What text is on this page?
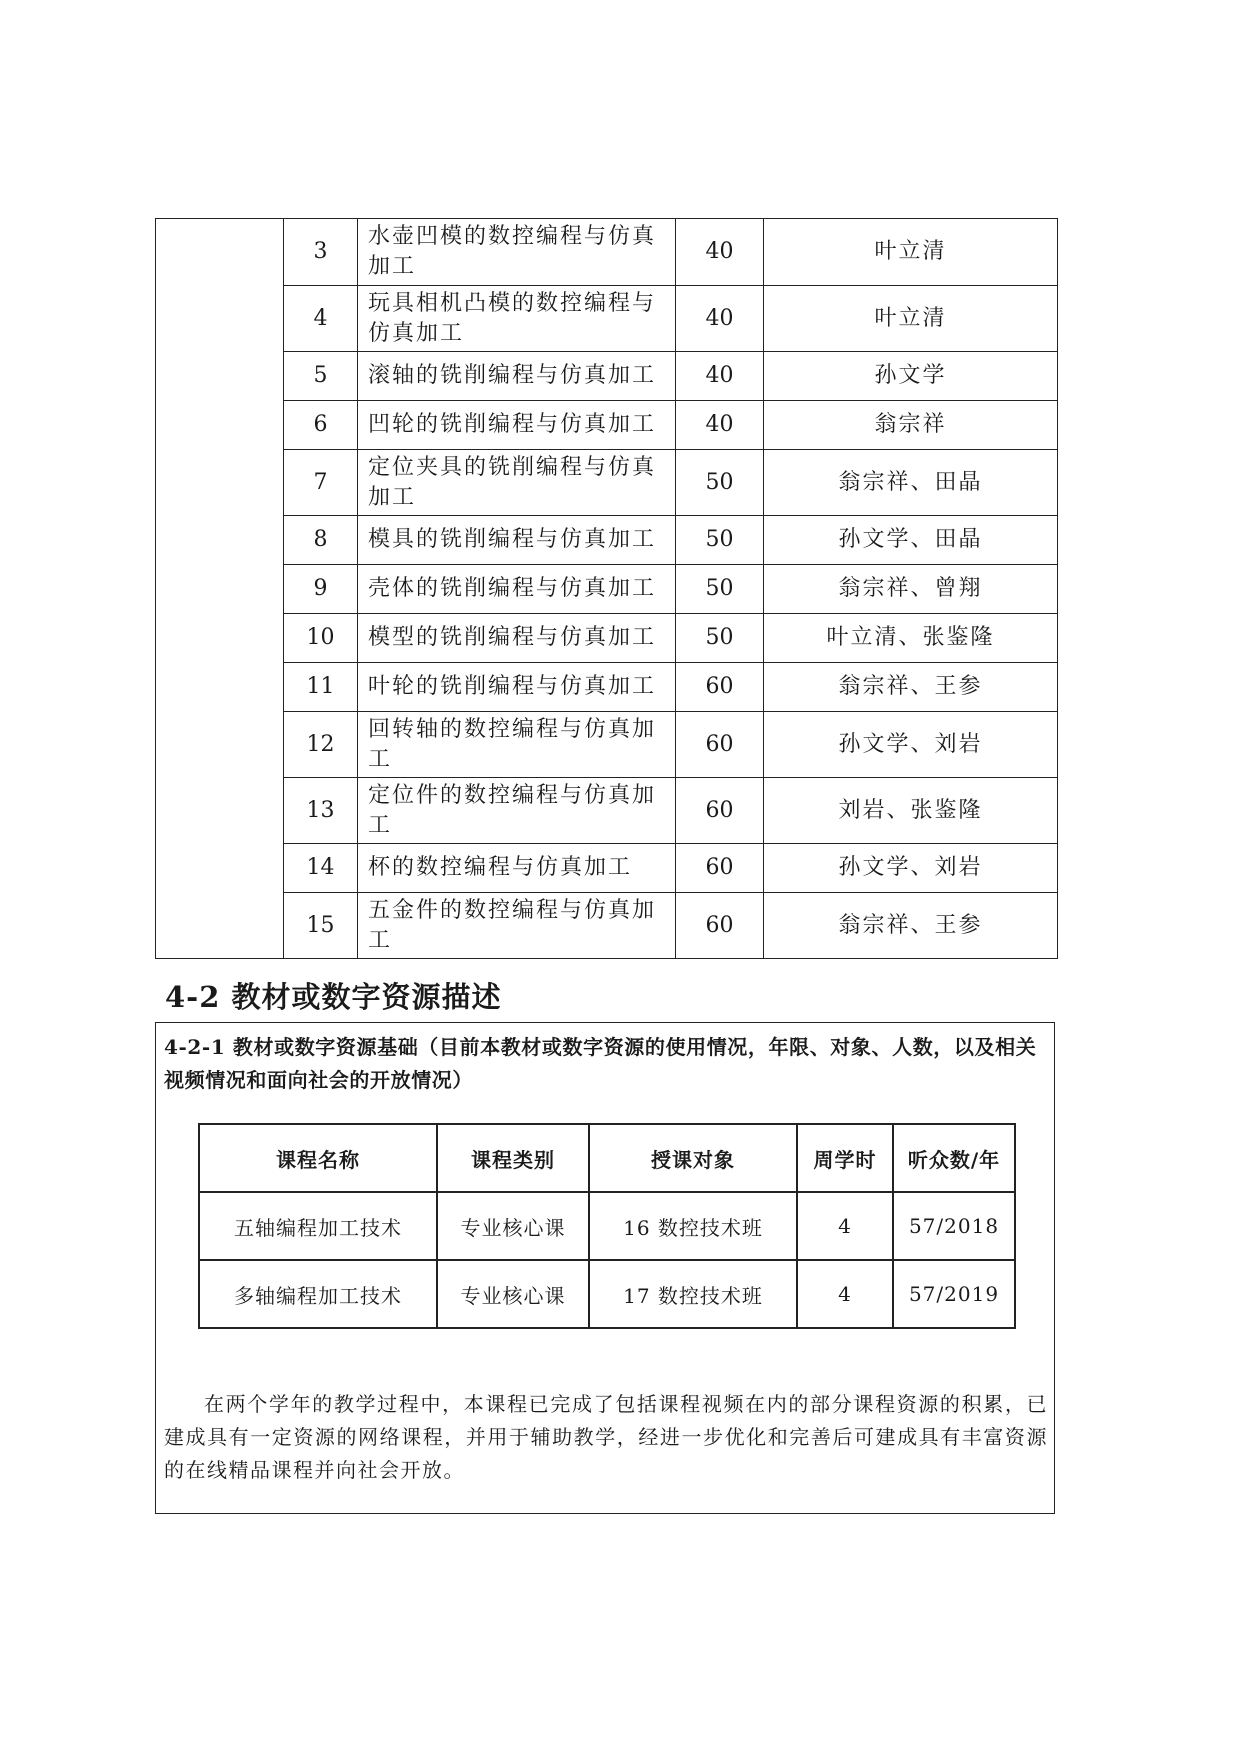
	3	水壶凹模的数控编程与仿真加工	40	叶立清
	4	玩具相机凸模的数控编程与仿真加工	40	叶立清
	5	滚轴的铣削编程与仿真加工	40	孙文学
	6	凹轮的铣削编程与仿真加工	40	翁宗祥
	7	定位夹具的铣削编程与仿真加工	50	翁宗祥、田晶
	8	模具的铣削编程与仿真加工	50	孙文学、田晶
	9	壳体的铣削编程与仿真加工	50	翁宗祥、曾翔
	10	模型的铣削编程与仿真加工	50	叶立清、张鉴隆
	11	叶轮的铣削编程与仿真加工	60	翁宗祥、王参
	12	回转轴的数控编程与仿真加工	60	孙文学、刘岩
	13	定位件的数控编程与仿真加工	60	刘岩、张鉴隆
	14	杯的数控编程与仿真加工	60	孙文学、刘岩
	15	五金件的数控编程与仿真加工	60	翁宗祥、王参
4-2 教材或数字资源描述

4-2-1 教材或数字资源基础（目前本教材或数字资源的使用情况，年限、对象、人数，以及相关视频情况和面向社会的开放情况）

课程名称	课程类别	授课对象	周学时	听众数/年
五轴编程加工技术	专业核心课	16 数控技术班	4	57/2018
多轴编程加工技术	专业核心课	17 数控技术班	4	57/2019

在两个学年的教学过程中，本课程已完成了包括课程视频在内的部分课程资源的积累，已建成具有一定资源的网络课程，并用于辅助教学，经进一步优化和完善后可建成具有丰富资源的在线精品课程并向社会开放。
